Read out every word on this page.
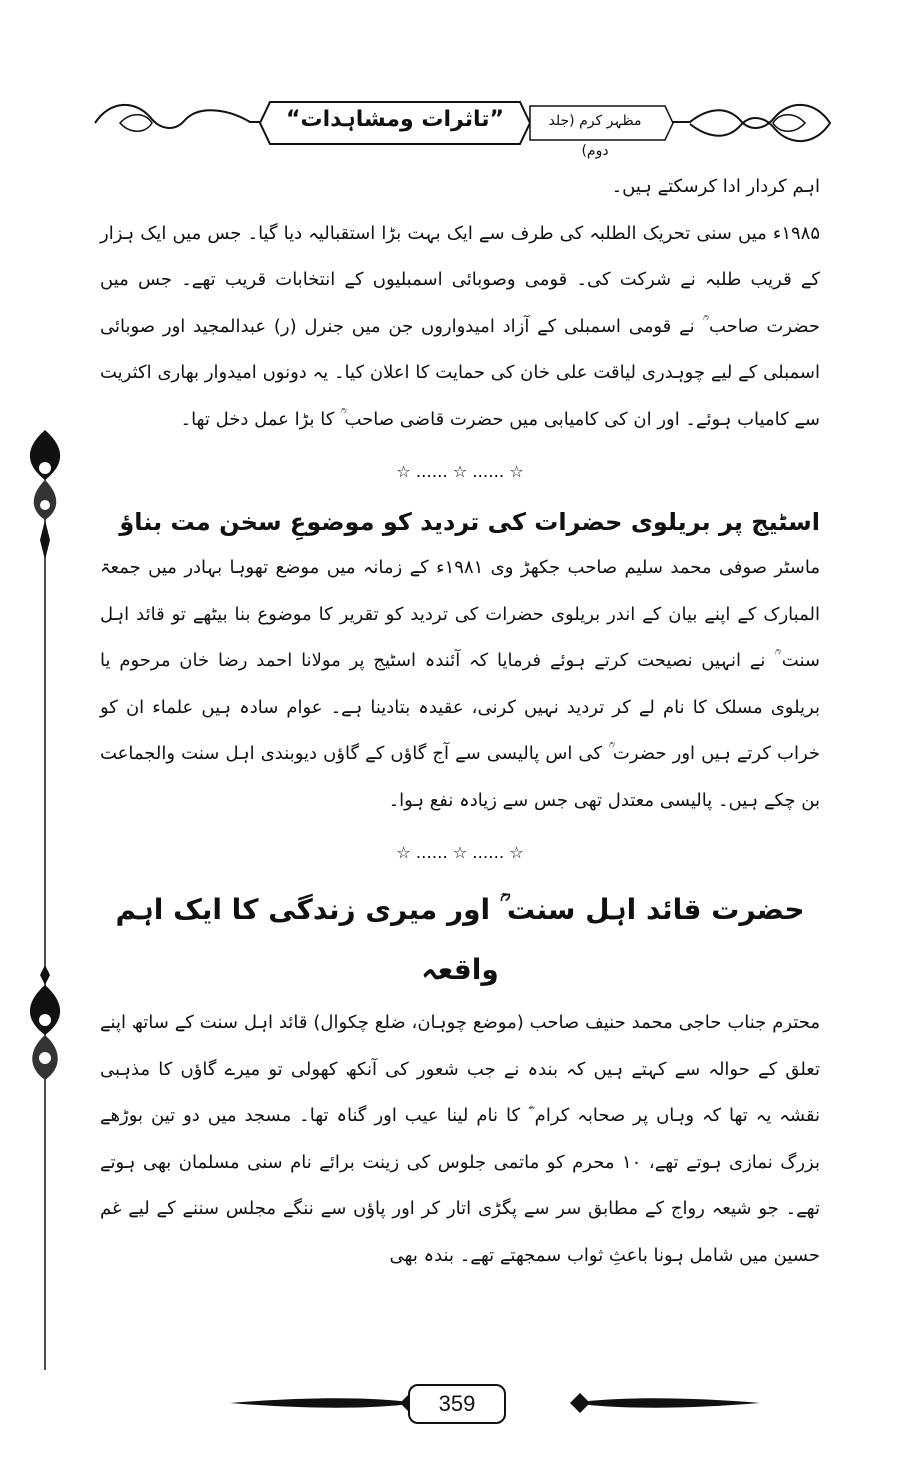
”تاثرات ومشاہدات“	مظہر کرم (جلد دوم)

اہم کردار ادا کرسکتے ہیں۔

۱۹۸۵ء میں سنی تحریک الطلبہ کی طرف سے ایک بہت بڑا استقبالیہ دیا گیا۔ جس میں ایک ہزار کے قریب طلبہ نے شرکت کی۔ قومی وصوبائی اسمبلیوں کے انتخابات قریب تھے۔ جس میں حضرت صاحب ؒ نے قومی اسمبلی کے آزاد امیدواروں جن میں جنرل (ر) عبدالمجید اور صوبائی اسمبلی کے لیے چوہدری لیاقت علی خان کی حمایت کا اعلان کیا۔ یہ دونوں امیدوار بھاری اکثریت سے کامیاب ہوئے۔ اور ان کی کامیابی میں حضرت قاضی صاحب ؒ کا بڑا عمل دخل تھا۔

☆ …… ☆ …… ☆

اسٹیج پر بریلوی حضرات کی تردید کو موضوعِ سخن مت بناؤ

ماسٹر صوفی محمد سلیم صاحب جکھڑ وی ۱۹۸۱ء کے زمانہ میں موضع تھوہا بہادر میں جمعۃ المبارک کے اپنے بیان کے اندر بریلوی حضرات کی تردید کو تقریر کا موضوع بنا بیٹھے تو قائد اہل سنت ؒ نے انہیں نصیحت کرتے ہوئے فرمایا کہ آئندہ اسٹیج پر مولانا احمد رضا خان مرحوم یا بریلوی مسلک کا نام لے کر تردید نہیں کرنی، عقیدہ بتادینا ہے۔ عوام سادہ ہیں علماء ان کو خراب کرتے ہیں اور حضرت ؒ کی اس پالیسی سے آج گاؤں کے گاؤں دیوبندی اہل سنت والجماعت بن چکے ہیں۔ پالیسی معتدل تھی جس سے زیادہ نفع ہوا۔

☆ …… ☆ …… ☆

حضرت قائد اہل سنت ؒ اور میری زندگی کا ایک اہم واقعہ

محترم جناب حاجی محمد حنیف صاحب (موضع چوہان، ضلع چکوال) قائد اہل سنت کے ساتھ اپنے تعلق کے حوالہ سے کہتے ہیں کہ بندہ نے جب شعور کی آنکھ کھولی تو میرے گاؤں کا مذہبی نقشہ یہ تھا کہ وہاں پر صحابہ کرام ؓ کا نام لینا عیب اور گناہ تھا۔ مسجد میں دو تین بوڑھے بزرگ نمازی ہوتے تھے، ۱۰ محرم کو ماتمی جلوس کی زینت برائے نام سنی مسلمان بھی ہوتے تھے۔ جو شیعہ رواج کے مطابق سر سے پگڑی اتار کر اور پاؤں سے ننگے مجلس سننے کے لیے غم حسین میں شامل ہونا باعثِ ثواب سمجھتے تھے۔ بندہ بھی

359
